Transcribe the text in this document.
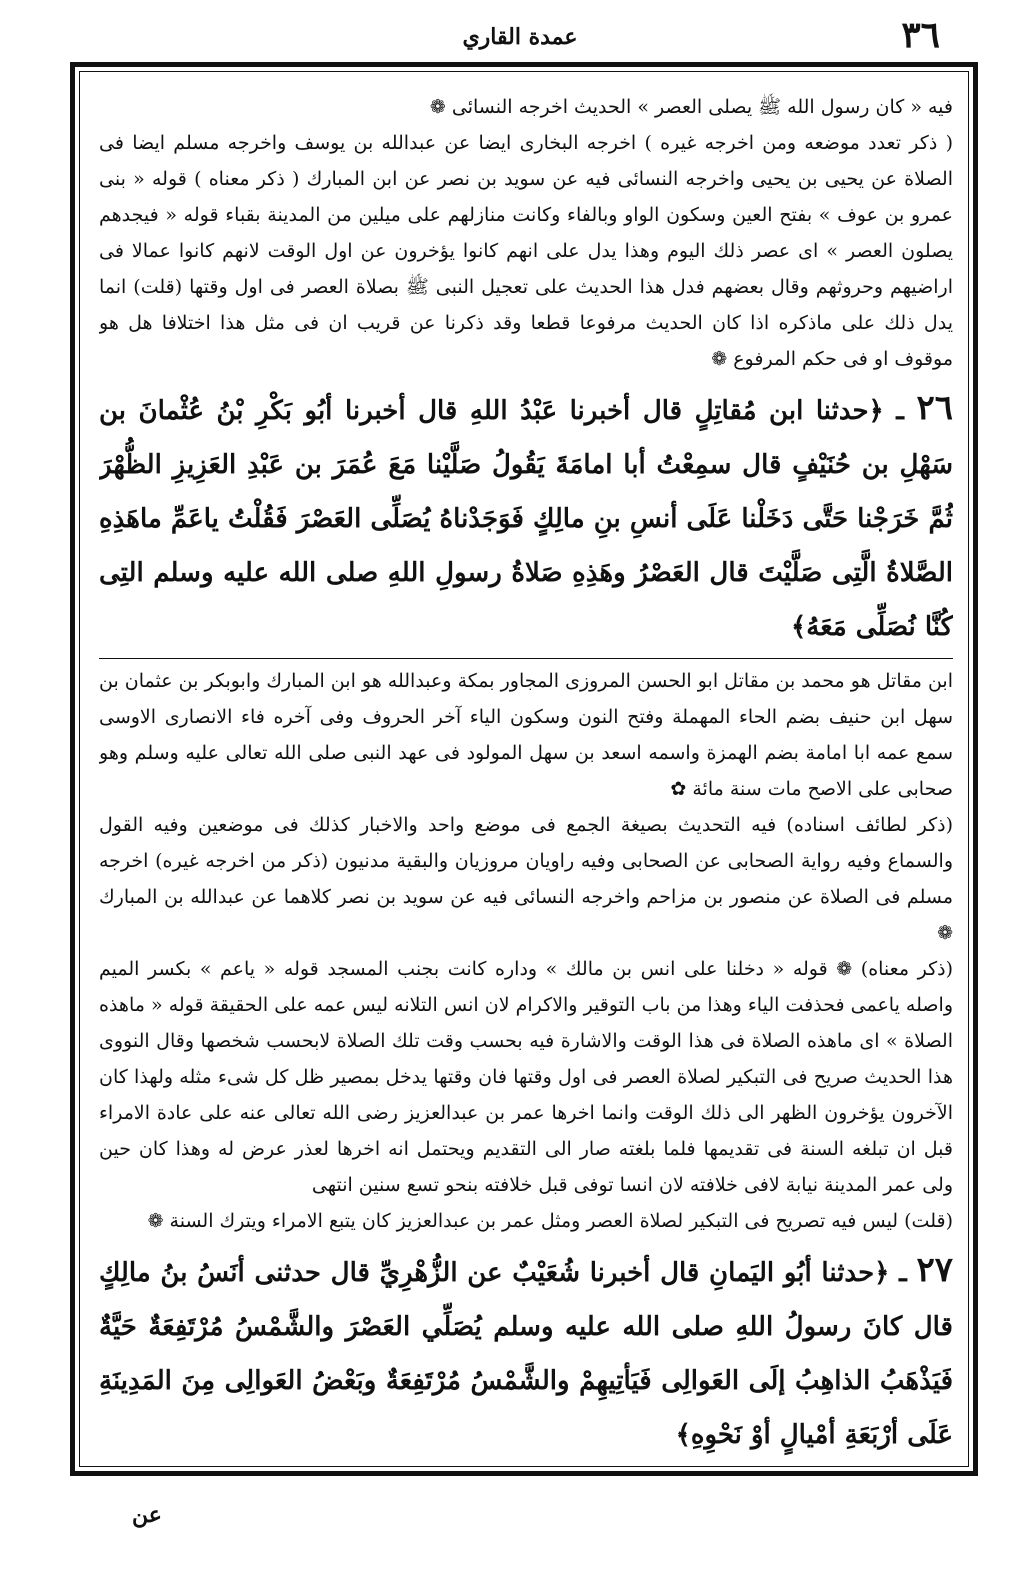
عمدة القاري	٣٦

فيه « كان رسول الله ﷺ يصلى العصر » الحديث اخرجه النسائى ❁

( ذكر تعدد موضعه ومن اخرجه غيره ) اخرجه البخارى ايضا عن عبدالله بن يوسف واخرجه مسلم ايضا فى الصلاة عن يحيى بن يحيى واخرجه النسائى فيه عن سويد بن نصر عن ابن المبارك ( ذكر معناه ) قوله « بنى عمرو بن عوف » بفتح العين وسكون الواو وبالفاء وكانت منازلهم على ميلين من المدينة بقباء قوله « فيجدهم يصلون العصر » اى عصر ذلك اليوم وهذا يدل على انهم كانوا يؤخرون عن اول الوقت لانهم كانوا عمالا فى اراضيهم وحروثهم وقال بعضهم فدل هذا الحديث على تعجيل النبى ﷺ بصلاة العصر فى اول وقتها (قلت) انما يدل ذلك على ماذكره اذا كان الحديث مرفوعا قطعا وقد ذكرنا عن قريب ان فى مثل هذا اختلافا هل هو موقوف او فى حكم المرفوع ❁

٢٦ ـ ﴿حدثنا ابن مُقاتِلٍ قال أخبرنا عَبْدُ اللهِ قال أخبرنا أبُو بَكْرِ بْنُ عُثْمانَ بن سَهْلِ بن حُنَيْفٍ قال سمِعْتُ أبا امامَةَ يَقُولُ صَلَّيْنا مَعَ عُمَرَ بن عَبْدِ العَزِيزِ الظُّهْرَ ثُمَّ خَرَجْنا حَتَّى دَخَلْنا عَلَى أنسِ بنِ مالِكٍ فَوَجَدْناهُ يُصَلِّى العَصْرَ فَقُلْتُ ياعَمِّ ماهَذِهِ الصَّلاةُ الَّتِى صَلَّيْتَ قال العَصْرُ وهَذِهِ صَلاةُ رسولِ اللهِ صلى الله عليه وسلم التِى كُنَّا نُصَلِّى مَعَهُ﴾

ابن مقاتل هو محمد بن مقاتل ابو الحسن المروزى المجاور بمكة وعبدالله هو ابن المبارك وابوبكر بن عثمان بن سهل ابن حنيف بضم الحاء المهملة وفتح النون وسكون الياء آخر الحروف وفى آخره فاء الانصارى الاوسى سمع عمه ابا امامة بضم الهمزة واسمه اسعد بن سهل المولود فى عهد النبى صلى الله تعالى عليه وسلم وهو صحابى على الاصح مات سنة مائة ✿

(ذكر لطائف اسناده) فيه التحديث بصيغة الجمع فى موضع واحد والاخبار كذلك فى موضعين وفيه القول والسماع وفيه رواية الصحابى عن الصحابى وفيه راويان مروزيان والبقية مدنيون (ذكر من اخرجه غيره) اخرجه مسلم فى الصلاة عن منصور بن مزاحم واخرجه النسائى فيه عن سويد بن نصر كلاهما عن عبدالله بن المبارك ❁

(ذكر معناه) ❁ قوله « دخلنا على انس بن مالك » وداره كانت بجنب المسجد قوله « ياعم » بكسر الميم واصله ياعمى فحذفت الياء وهذا من باب التوقير والاكرام لان انس التلانه ليس عمه على الحقيقة قوله « ماهذه الصلاة » اى ماهذه الصلاة فى هذا الوقت والاشارة فيه بحسب وقت تلك الصلاة لابحسب شخصها وقال النووى هذا الحديث صريح فى التبكير لصلاة العصر فى اول وقتها فان وقتها يدخل بمصير ظل كل شىء مثله ولهذا كان الآخرون يؤخرون الظهر الى ذلك الوقت وانما اخرها عمر بن عبدالعزيز رضى الله تعالى عنه على عادة الامراء قبل ان تبلغه السنة فى تقديمها فلما بلغته صار الى التقديم ويحتمل انه اخرها لعذر عرض له وهذا كان حين ولى عمر المدينة نيابة لافى خلافته لان انسا توفى قبل خلافته بنحو تسع سنين انتهى

(قلت) ليس فيه تصريح فى التبكير لصلاة العصر ومثل عمر بن عبدالعزيز كان يتبع الامراء ويترك السنة ❁

٢٧ ـ ﴿حدثنا أبُو اليَمانِ قال أخبرنا شُعَيْبٌ عن الزُّهْرِيِّ قال حدثنى أنَسُ بنُ مالِكٍ قال كانَ رسولُ اللهِ صلى الله عليه وسلم يُصَلِّي العَصْرَ والشَّمْسُ مُرْتَفِعَةٌ حَيَّةٌ فَيَذْهَبُ الذاهِبُ إلَى العَوالِى فَيَأتِيهِمْ والشَّمْسُ مُرْتَفِعَةٌ وبَعْضُ العَوالِى مِنَ المَدِينَةِ عَلَى أرْبَعَةِ أمْيالٍ أوْ نَحْوِهِ﴾

عن
